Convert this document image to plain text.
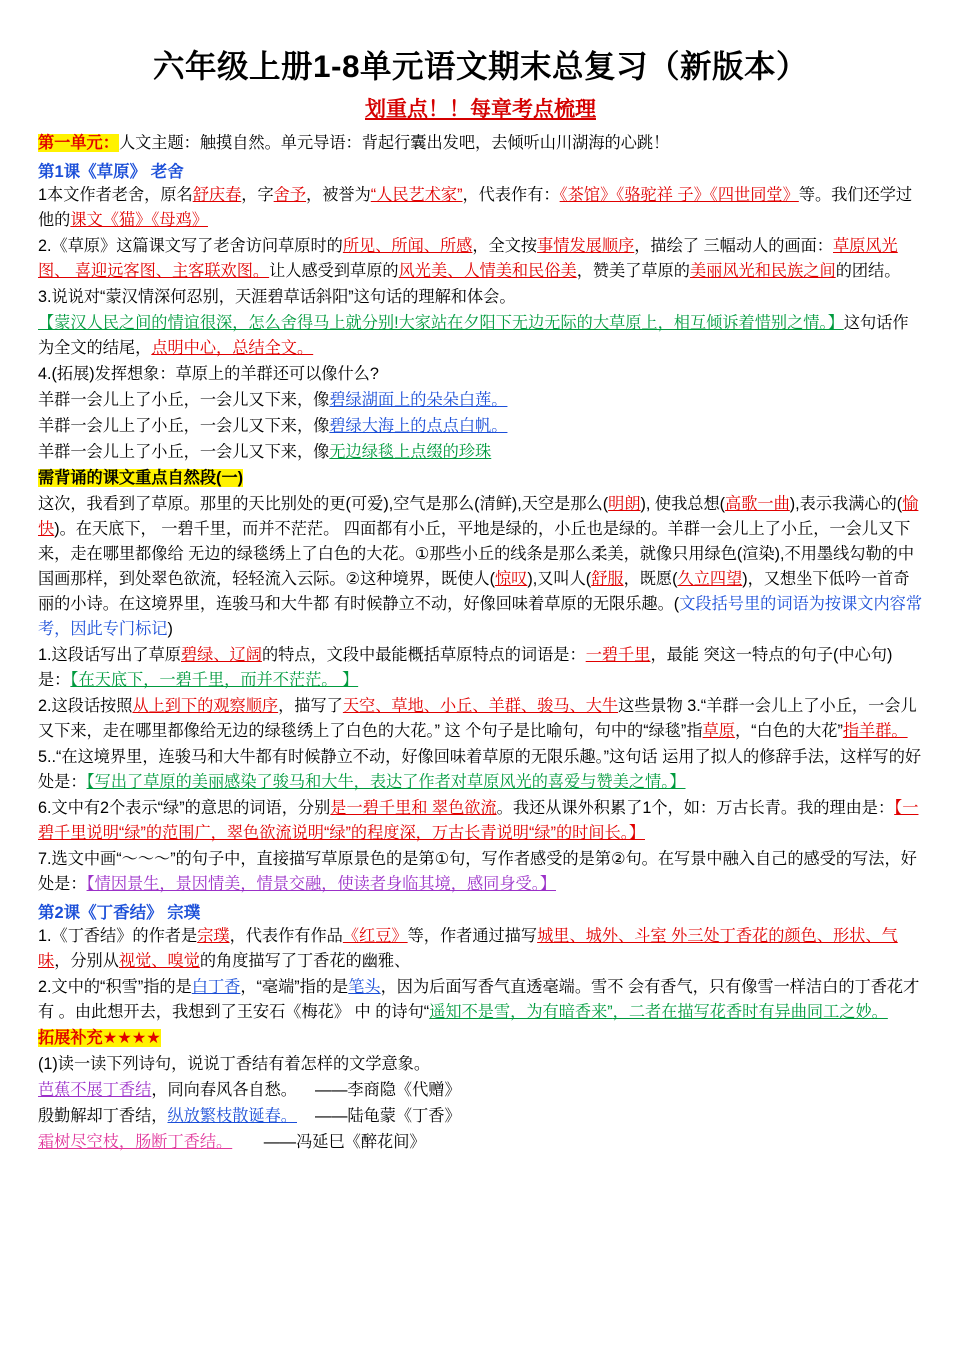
六年级上册1-8单元语文期末总复习（新版本）
划重点！！每章考点梳理

第一单元：人文主题：触摸自然。单元导语：背起行囊出发吧，去倾听山川湖海的心跳！

第1课《草原》 老舍

1本文作者老舍，原名舒庆春，字舍予，被誉为“人民艺术家”，代表作有：《茶馆》《骆驼祥 子》《四世同堂》等。我们还学过他的课文《猫》《母鸡》

2.《草原》这篇课文写了老舍访问草原时的所见、所闻、所感，全文按事情发展顺序，描绘了 三幅动人的画面：草原风光图、 喜迎远客图、主客联欢图。让人感受到草原的风光美、人情美和民俗美，赞美了草原的美丽风光和民族之间的团结。

3.说说对“蒙汉情深何忍别，天涯碧草话斜阳”这句话的理解和体会。

【蒙汉人民之间的情谊很深，怎么舍得马上就分别!大家站在夕阳下无边无际的大草原上，相互倾诉着惜别之情。】这句话作为全文的结尾，点明中心，总结全文。

4.(拓展)发挥想象：草原上的羊群还可以像什么?

羊群一会儿上了小丘，一会儿又下来，像碧绿湖面上的朵朵白莲。

羊群一会儿上了小丘，一会儿又下来，像碧绿大海上的点点白帆。

羊群一会儿上了小丘，一会儿又下来，像无边绿毯上点缀的珍珠

需背诵的课文重点自然段(一)

这次，我看到了草原。那里的天比别处的更(可爱),空气是那么(清鲜),天空是那么(明朗), 使我总想(高歌一曲),表示我满心的(愉快)。在天底下， 一碧千里，而并不茫茫。 四面都有小丘，平地是绿的，小丘也是绿的。羊群一会儿上了小丘，一会儿又下来，走在哪里都像给 无边的绿毯绣上了白色的大花。①那些小丘的线条是那么柔美，就像只用绿色(渲染),不用墨线勾勒的中国画那样，到处翠色欲流，轻轻流入云际。②这种境界，既使人(惊叹),又叫人(舒服，既愿(久立四望)，又想坐下低吟一首奇丽的小诗。在这境界里，连骏马和大牛都 有时候静立不动，好像回味着草原的无限乐趣。(文段括号里的词语为按课文内容常考，因此专门标记)

1.这段话写出了草原碧绿、辽阔的特点，文段中最能概括草原特点的词语是：一碧千里，最能 突这一特点的句子(中心句)是：【在天底下，一碧千里，而并不茫茫。 】

2.这段话按照从上到下的观察顺序，描写了天空、草地、小丘、羊群、骏马、大牛这些景物 3.“羊群一会儿上了小丘，一会儿又下来，走在哪里都像给无边的绿毯绣上了白色的大花。” 这 个句子是比喻句，句中的“绿毯”指草原，“白色的大花”指羊群。

5..“在这境界里，连骏马和大牛都有时候静立不动，好像回味着草原的无限乐趣。”这句话 运用了拟人的修辞手法，这样写的好处是：【写出了草原的美丽感染了骏马和大牛，表达了作者对草原风光的喜爱与赞美之情。】

6.文中有2个表示“绿”的意思的词语，分别是一碧千里和 翠色欲流。我还从课外积累了1个，如：万古长青。我的理由是：【一碧千里说明“绿”的范围广，翠色欲流说明“绿”的程度深，万古长青说明“绿”的时间长。】

7.选文中画“～～～”的句子中，直接描写草原景色的是第①句，写作者感受的是第②句。在写景中融入自己的感受的写法，好处是：【情因景生，景因情美，情景交融，使读者身临其境，感同身受。】

第2课《丁香结》 宗璞

1.《丁香结》的作者是宗璞，代表作有作品《红豆》等，作者通过描写城里、城外、斗室 外三处丁香花的颜色、形状、气味，分别从视觉、嗅觉的角度描写了丁香花的幽雅、

2.文中的“积雪”指的是白丁香，“毫端”指的是笔头，因为后面写香气直透毫端。雪不 会有香气，只有像雪一样洁白的丁香花才有 。由此想开去，我想到了王安石《梅花》 中 的诗句“遥知不是雪，为有暗香来”，二者在描写花香时有异曲同工之妙。

拓展补充★★★★

(1)读一读下列诗句，说说丁香结有着怎样的文学意象。

芭蕉不展丁香结，同向春风各自愁。 ——李商隐《代赠》

殷勤解却丁香结，纵放繁枝散诞春。 ——陆龟蒙《丁香》

霜树尽空枝，肠断丁香结。 ——冯延巳《醉花间》
